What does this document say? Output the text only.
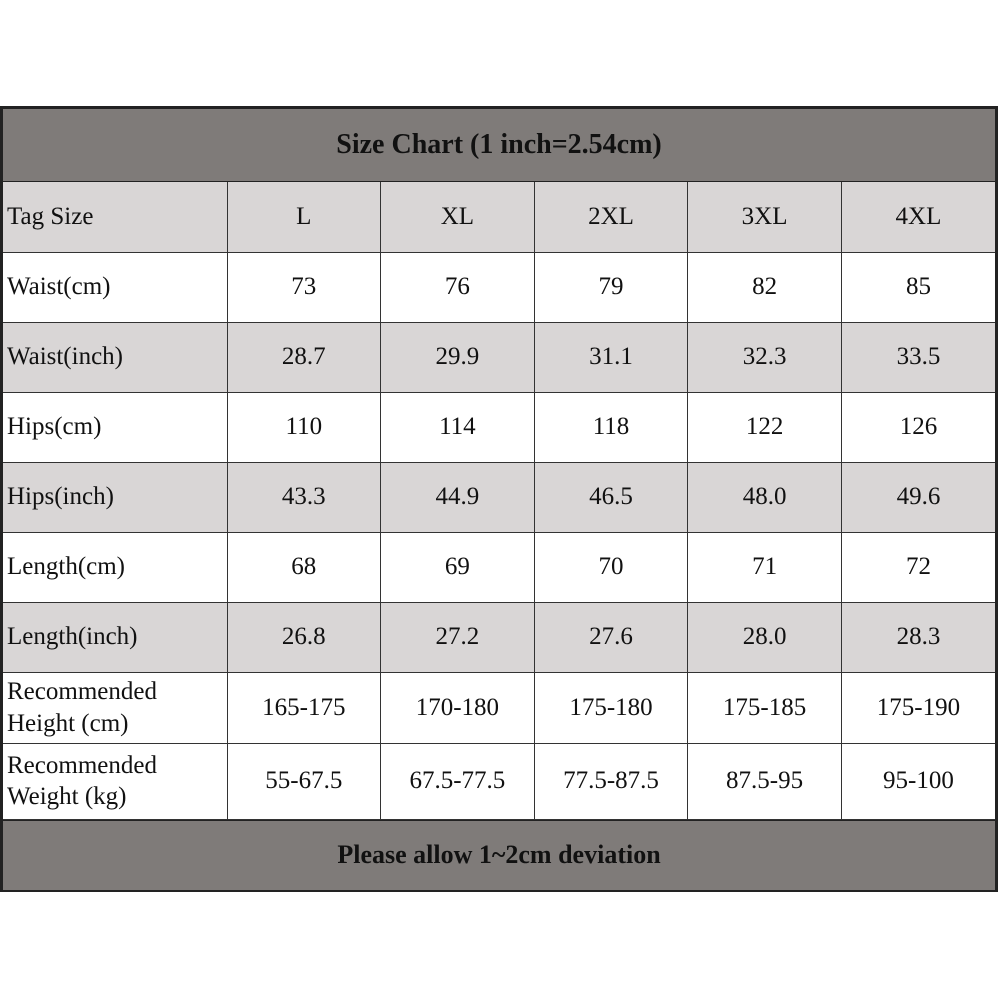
Size Chart (1 inch=2.54cm)
Tag Size	L	XL	2XL	3XL	4XL
Waist(cm)	73	76	79	82	85
Waist(inch)	28.7	29.9	31.1	32.3	33.5
Hips(cm)	110	114	118	122	126
Hips(inch)	43.3	44.9	46.5	48.0	49.6
Length(cm)	68	69	70	71	72
Length(inch)	26.8	27.2	27.6	28.0	28.3
Recommended
Height (cm)	165-175	170-180	175-180	175-185	175-190
Recommended
Weight (kg)	55-67.5	67.5-77.5	77.5-87.5	87.5-95	95-100
Please allow 1~2cm deviation
